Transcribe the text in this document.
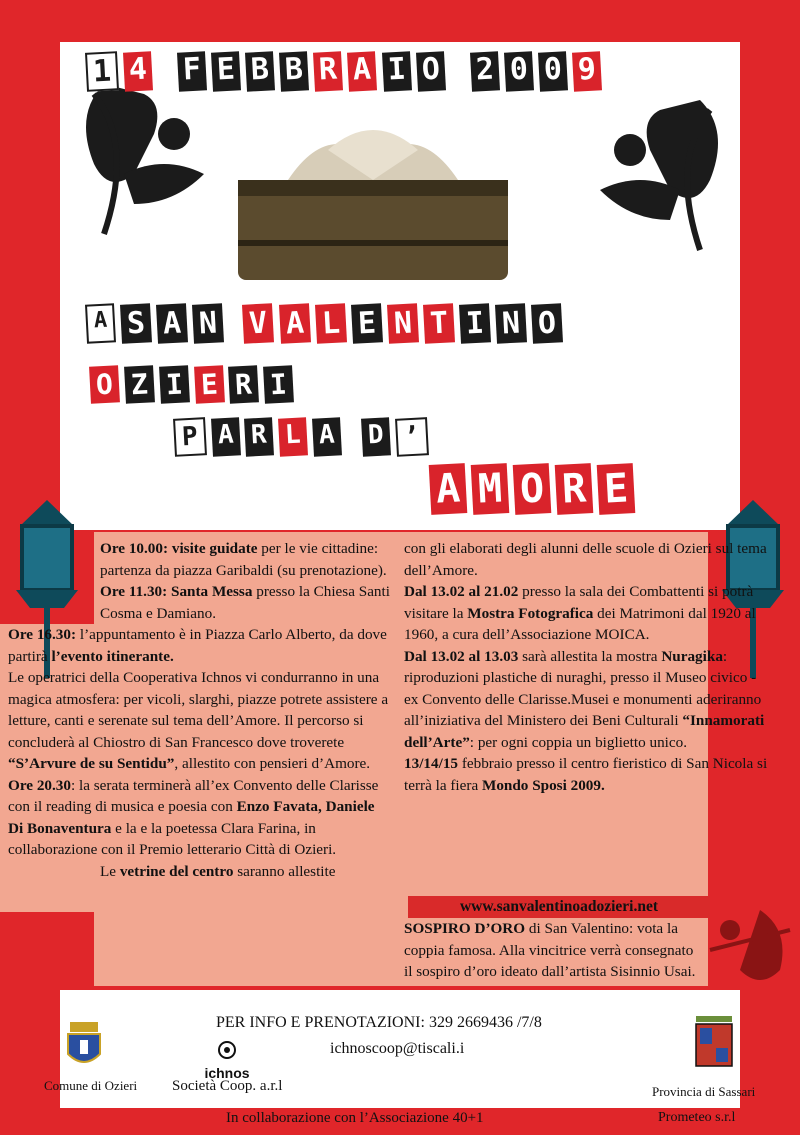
1 4 F E B B R A I O 2 0 0 9
A S A N V A L E N T I N O
O Z I E R I
P A R L A D ’
A M O R E

Ore 10.00: visite guidate per le vie cittadine: partenza da piazza Garibaldi (su prenotazione).

Ore 11.30: Santa Messa presso la Chiesa Santi Cosma e Damiano.

Ore 16.30: l’appuntamento è in Piazza Carlo Alberto, da dove partirà l’evento itinerante.

Le operatrici della Cooperativa Ichnos vi condurranno in una magica atmosfera: per vicoli, slarghi, piazze potrete assistere a letture, canti e serenate sul tema dell’Amore. Il percorso si concluderà al Chiostro di San Francesco dove troverete “S’Arvure de su Sentidu”, allestito con pensieri d’Amore.

Ore 20.30: la serata terminerà all’ex Convento delle Clarisse con il reading di musica e poesia con Enzo Favata, Daniele Di Bonaventura e la e la poetessa Clara Farina, in collaborazione con il Premio letterario Città di Ozieri.

Le vetrine del centro saranno allestite

con gli elaborati degli alunni delle scuole di Ozieri sul tema dell’Amore.

Dal 13.02 al 21.02 presso la sala dei Combattenti si potrà visitare la Mostra Fotografica dei Matrimoni dal 1920 al 1960, a cura dell’Associazione MOICA.

Dal 13.02 al 13.03 sarà allestita la mostra Nuragika: riproduzioni plastiche di nuraghi, presso il Museo civico - ex Convento delle Clarisse.Musei e monumenti aderiranno all’iniziativa del Ministero dei Beni Culturali “Innamorati dell’Arte”: per ogni coppia un biglietto unico.

13/14/15 febbraio presso il centro fieristico di San Nicola si terrà la fiera Mondo Sposi 2009.

www.sanvalentinoadozieri.net
SOSPIRO D’ORO di San Valentino: vota la coppia famosa. Alla vincitrice verrà consegnato il sospiro d’oro ideato dall’artista Sisinnio Usai.
PER INFO E PRENOTAZIONI: 329 2669436 /7/8
ichnoscoop@tiscali.i
ichnos
Comune di Ozieri Società Coop. a.r.l	Provincia di Sassari
In collaborazione con l’Associazione 40+1	Prometeo s.r.l
